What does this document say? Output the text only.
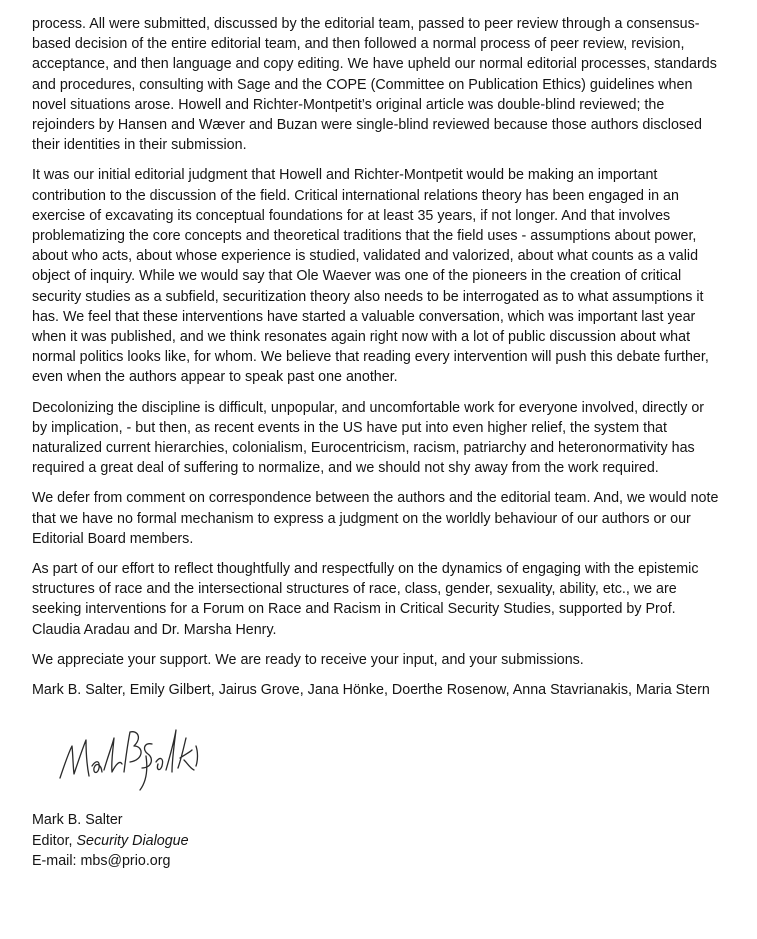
process. All were submitted, discussed by the editorial team, passed to peer review through a consensus-based decision of the entire editorial team, and then followed a normal process of peer review, revision, acceptance, and then language and copy editing. We have upheld our normal editorial processes, standards and procedures, consulting with Sage and the COPE (Committee on Publication Ethics) guidelines when novel situations arose. Howell and Richter-Montpetit’s original article was double-blind reviewed; the rejoinders by Hansen and Wæver and Buzan were single-blind reviewed because those authors disclosed their identities in their submission.

It was our initial editorial judgment that Howell and Richter-Montpetit would be making an important contribution to the discussion of the field. Critical international relations theory has been engaged in an exercise of excavating its conceptual foundations for at least 35 years, if not longer. And that involves problematizing the core concepts and theoretical traditions that the field uses - assumptions about power, about who acts, about whose experience is studied, validated and valorized, about what counts as a valid object of inquiry. While we would say that Ole Waever was one of the pioneers in the creation of critical security studies as a subfield, securitization theory also needs to be interrogated as to what assumptions it has. We feel that these interventions have started a valuable conversation, which was important last year when it was published, and we think resonates again right now with a lot of public discussion about what normal politics looks like, for whom. We believe that reading every intervention will push this debate further, even when the authors appear to speak past one another.

Decolonizing the discipline is difficult, unpopular, and uncomfortable work for everyone involved, directly or by implication, - but then, as recent events in the US have put into even higher relief, the system that naturalized current hierarchies, colonialism, Eurocentricism, racism, patriarchy and heteronormativity has required a great deal of suffering to normalize, and we should not shy away from the work required.

We defer from comment on correspondence between the authors and the editorial team. And, we would note that we have no formal mechanism to express a judgment on the worldly behaviour of our authors or our Editorial Board members.

As part of our effort to reflect thoughtfully and respectfully on the dynamics of engaging with the epistemic structures of race and the intersectional structures of race, class, gender, sexuality, ability, etc., we are seeking interventions for a Forum on Race and Racism in Critical Security Studies, supported by Prof. Claudia Aradau and Dr. Marsha Henry.

We appreciate your support. We are ready to receive your input, and your submissions.

Mark B. Salter, Emily Gilbert, Jairus Grove, Jana Hönke, Doerthe Rosenow, Anna Stavrianakis, Maria Stern

Mark B. Salter
Editor, Security Dialogue
E-mail: mbs@prio.org
